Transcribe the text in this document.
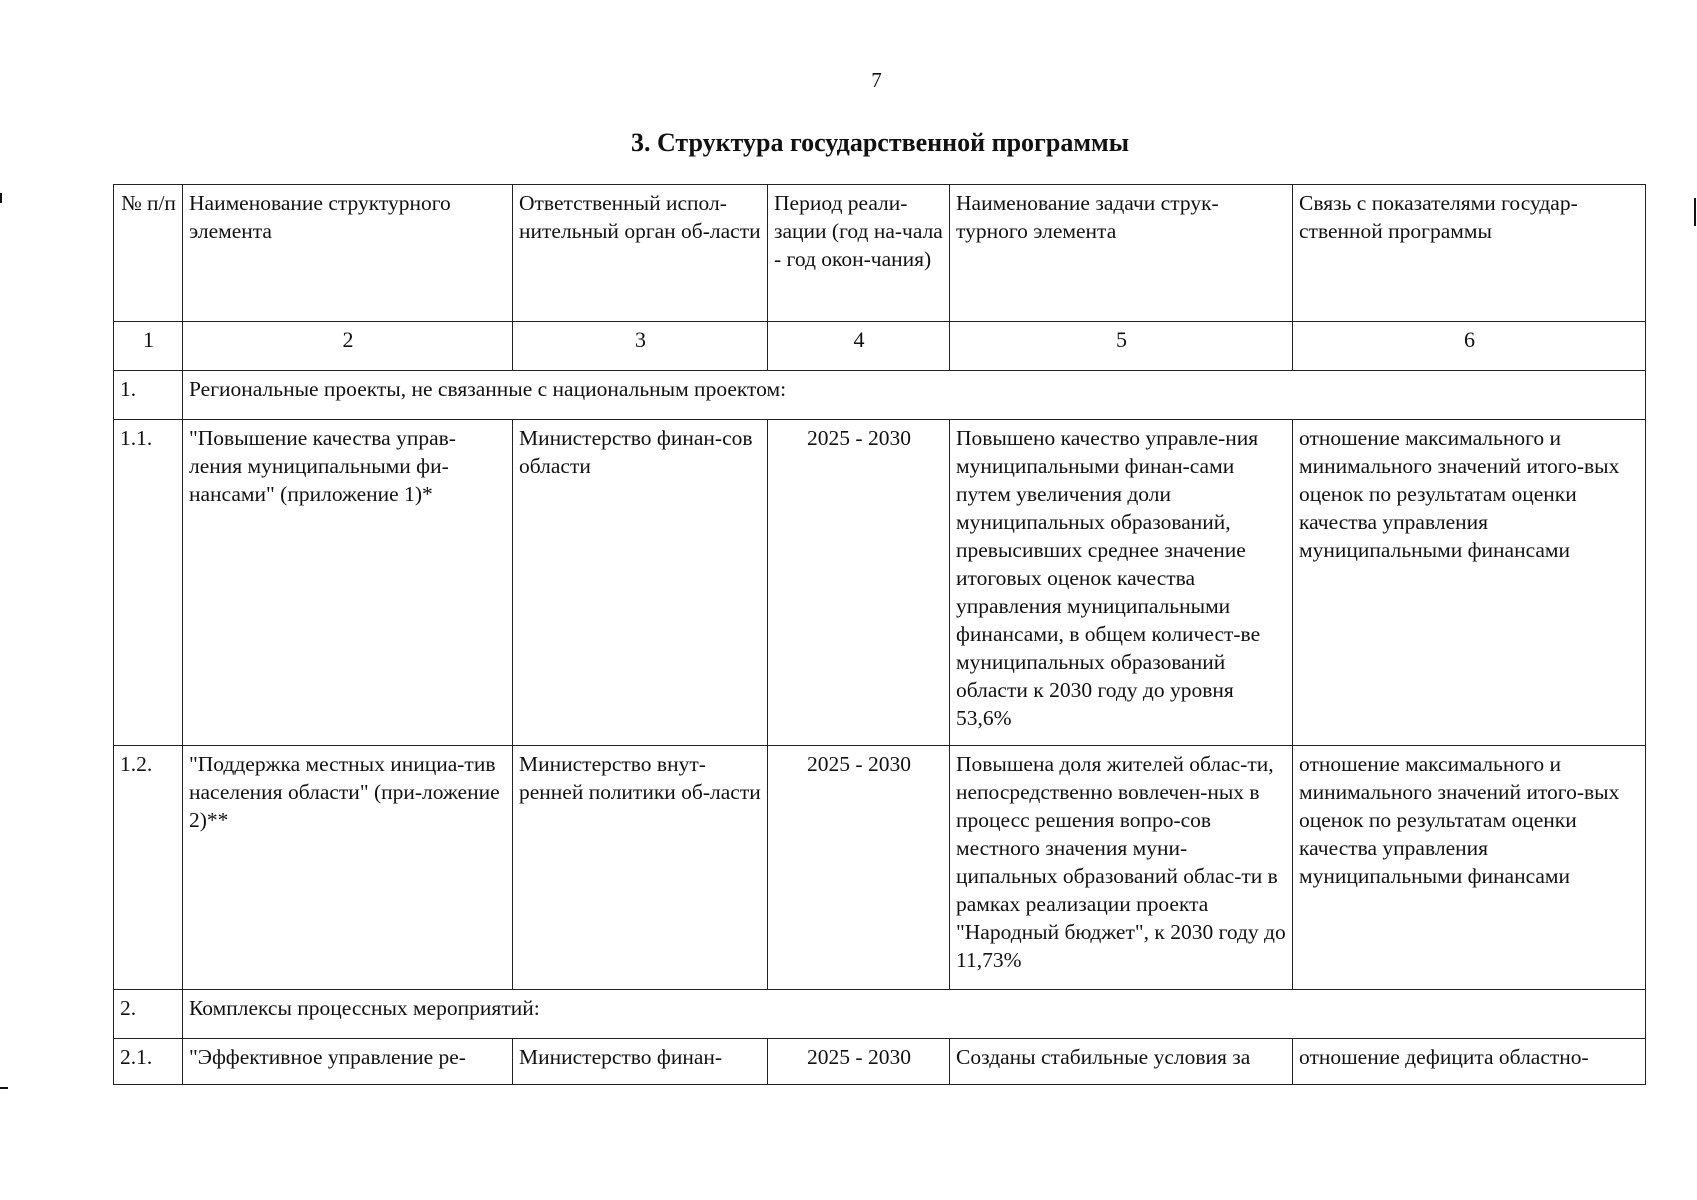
7
3. Структура государственной программы
№ п/п	Наименование структурного элемента	Ответственный испол-нительный орган об-ласти	Период реали-зации (год на-чала - год окон-чания)	Наименование задачи струк-турного элемента	Связь с показателями государ-ственной программы
1	2	3	4	5	6
1.	Региональные проекты, не связанные с национальным проектом:				
1.1.	"Повышение качества управ-ления муниципальными фи-нансами" (приложение 1)*	Министерство финан-сов области	2025 - 2030	Повышено качество управле-ния муниципальными финан-сами путем увеличения доли муниципальных образований, превысивших среднее значение итоговых оценок качества управления муниципальными финансами, в общем количест-ве муниципальных образований области к 2030 году до уровня 53,6%	отношение максимального и минимального значений итого-вых оценок по результатам оценки качества управления муниципальными финансами
1.2.	"Поддержка местных инициа-тив населения области" (при-ложение 2)**	Министерство внут-ренней политики об-ласти	2025 - 2030	Повышена доля жителей облас-ти, непосредственно вовлечен-ных в процесс решения вопро-сов местного значения муни-ципальных образований облас-ти в рамках реализации проекта "Народный бюджет", к 2030 году до 11,73%	отношение максимального и минимального значений итого-вых оценок по результатам оценки качества управления муниципальными финансами
2.	Комплексы процессных мероприятий:				
2.1.	"Эффективное управление ре-	Министерство финан-	2025 - 2030	Созданы стабильные условия за	отношение дефицита областно-
